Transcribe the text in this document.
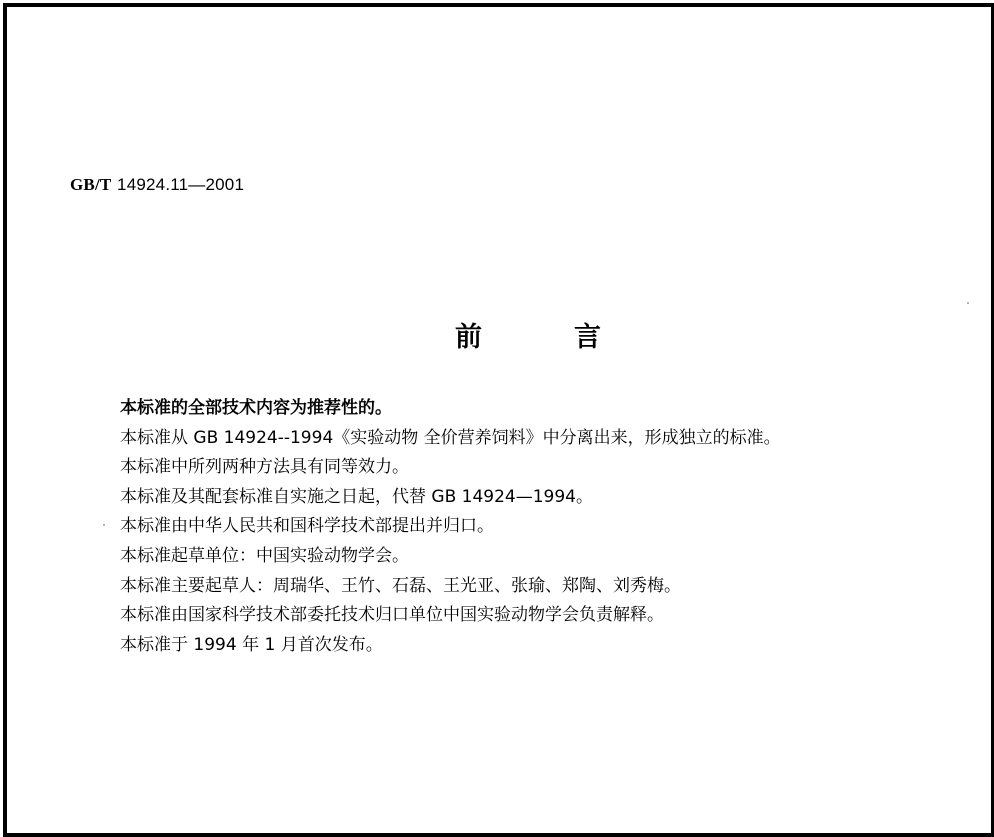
GB/T 14924.11—2001
前言
本标准的全部技术内容为推荐性的。
本标准从 GB 14924--1994《实验动物 全价营养饲料》中分离出来，形成独立的标准。
本标准中所列两种方法具有同等效力。
本标准及其配套标准自实施之日起，代替 GB 14924—1994。
本标准由中华人民共和国科学技术部提出并归口。
本标准起草单位：中国实验动物学会。
本标准主要起草人：周瑞华、王竹、石磊、王光亚、张瑜、郑陶、刘秀梅。
本标准由国家科学技术部委托技术归口单位中国实验动物学会负责解释。
本标准于 1994 年 1 月首次发布。
